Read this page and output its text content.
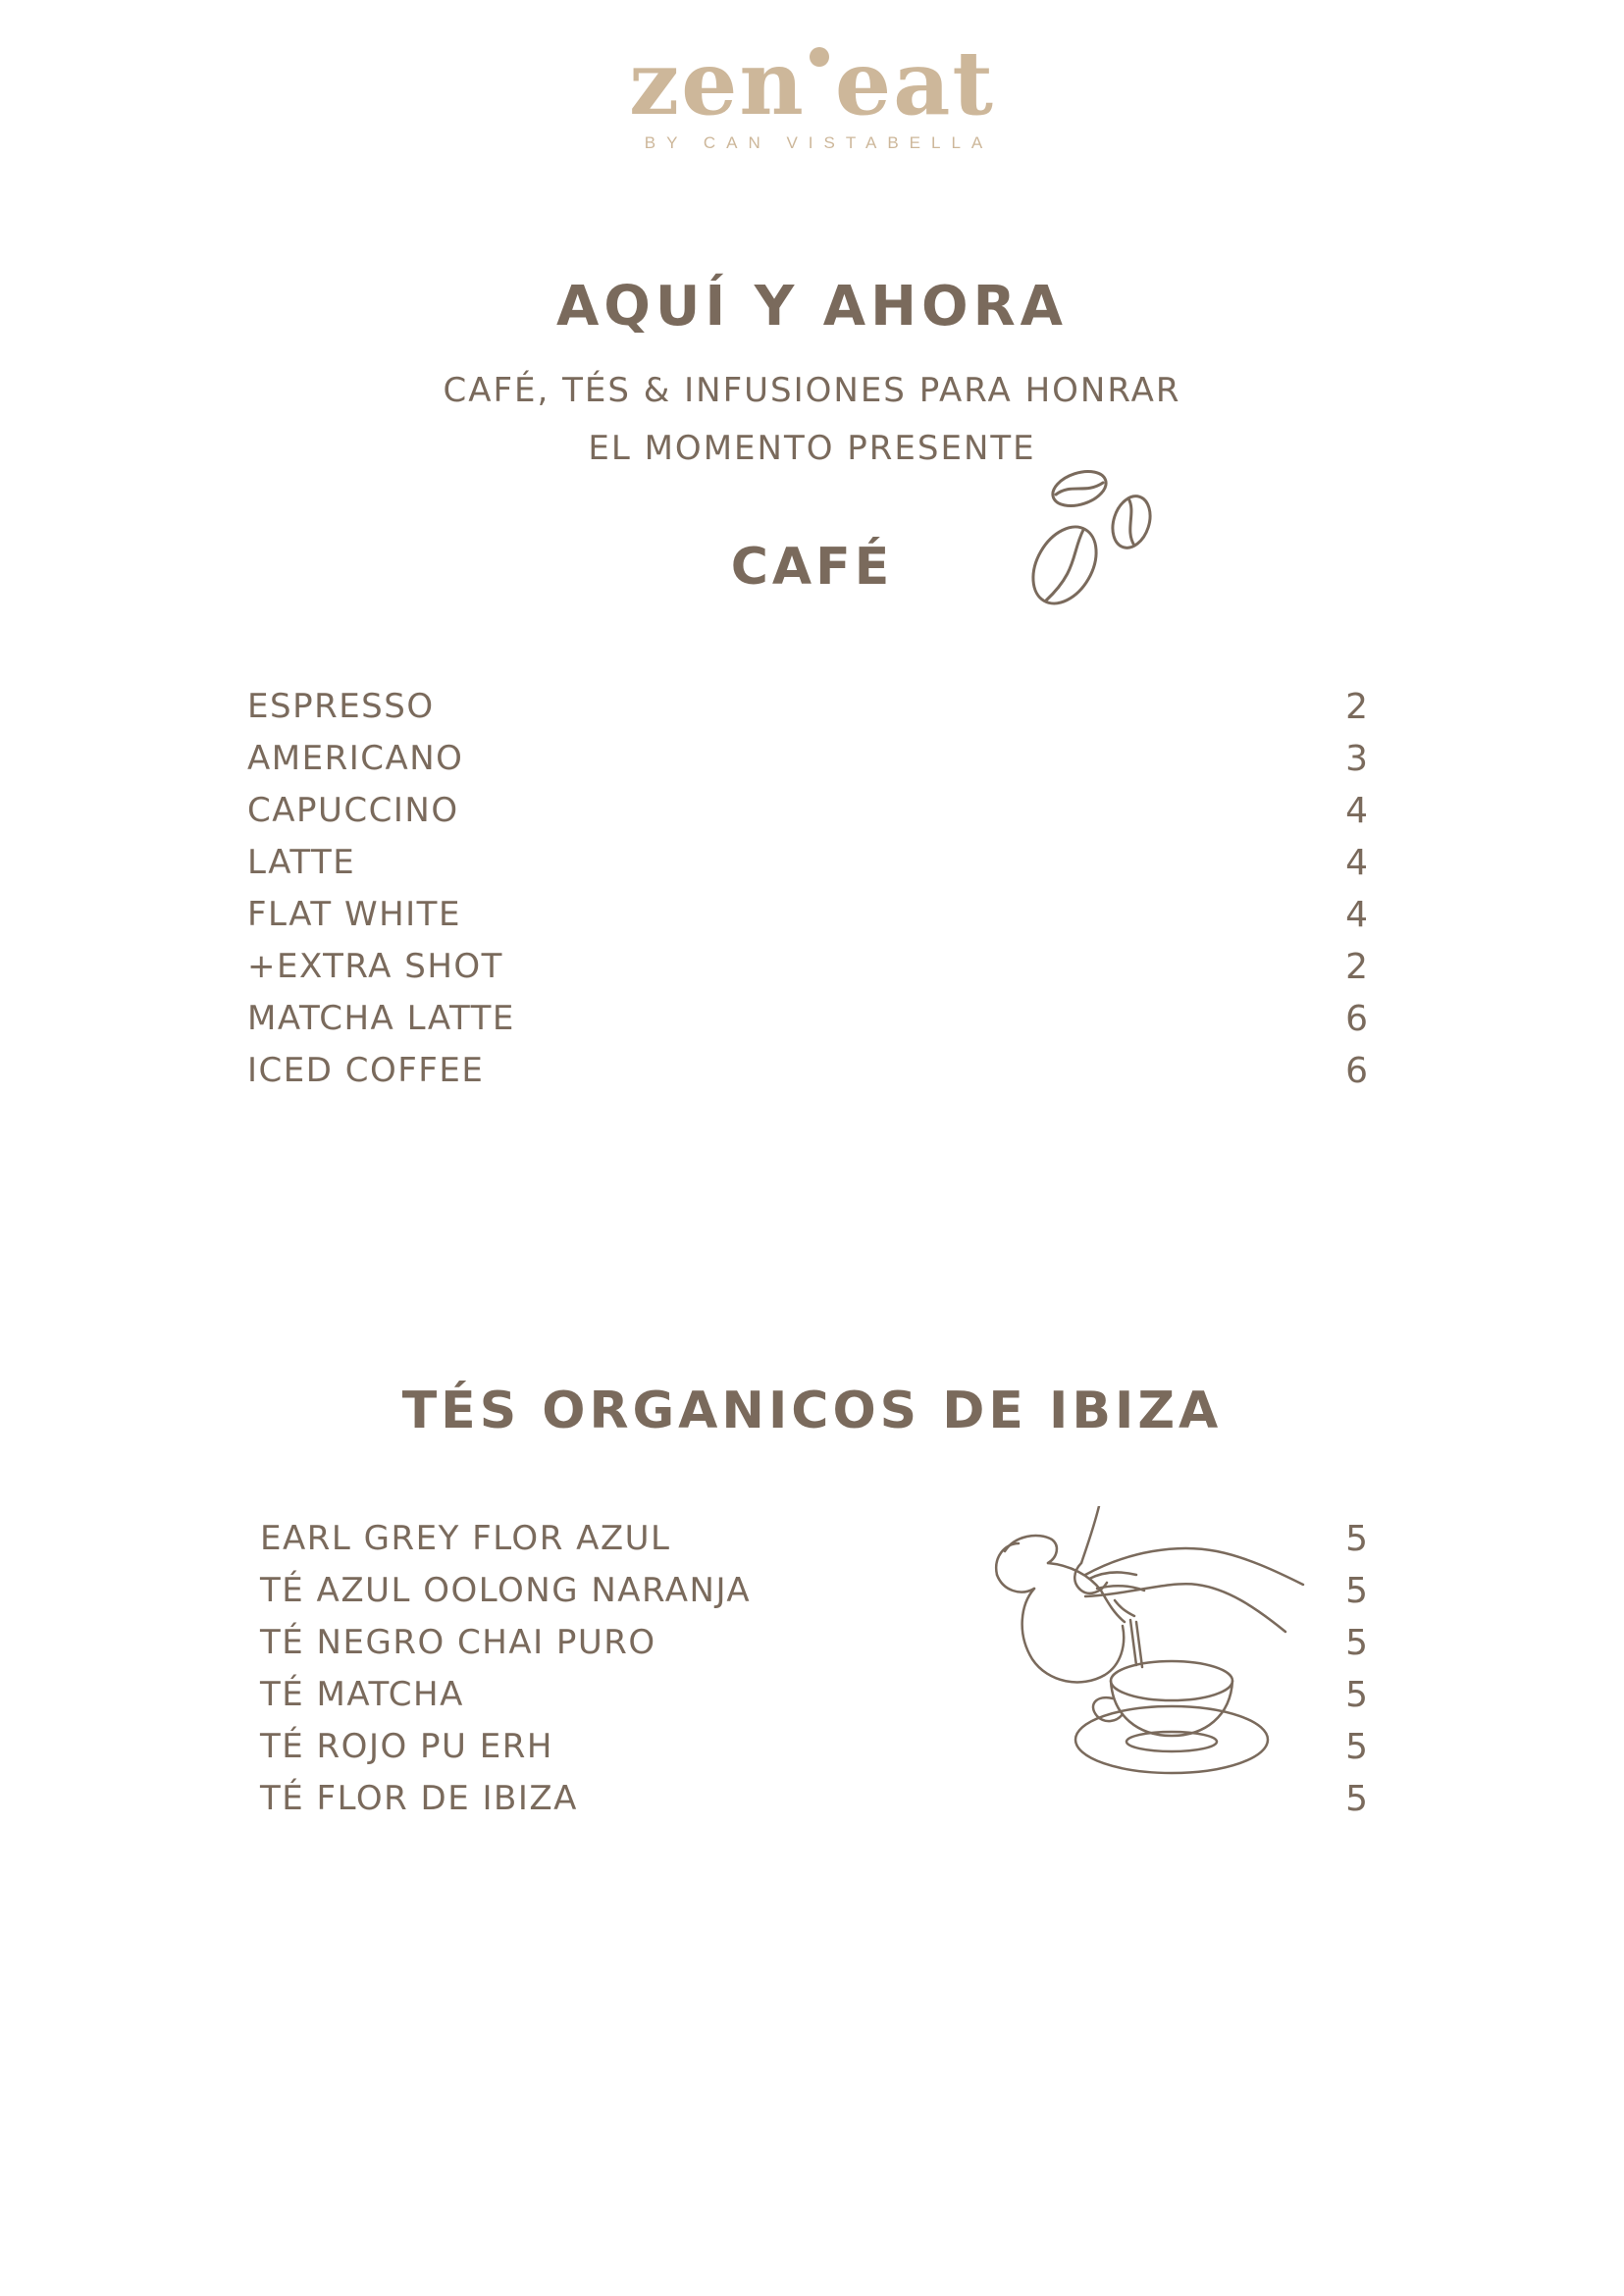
zen eat
BY CAN VISTABELLA
AQUÍ Y AHORA
CAFÉ, TÉS & INFUSIONES PARA HONRAR
EL MOMENTO PRESENTE
CAFÉ
ESPRESSO	2
AMERICANO	3
CAPUCCINO	4
LATTE	4
FLAT WHITE	4
+EXTRA SHOT	2
MATCHA LATTE	6
ICED COFFEE	6
TÉS ORGANICOS DE IBIZA
EARL GREY FLOR AZUL	5
TÉ AZUL OOLONG NARANJA	5
TÉ NEGRO CHAI PURO	5
TÉ MATCHA	5
TÉ ROJO PU ERH	5
TÉ FLOR DE IBIZA	5
